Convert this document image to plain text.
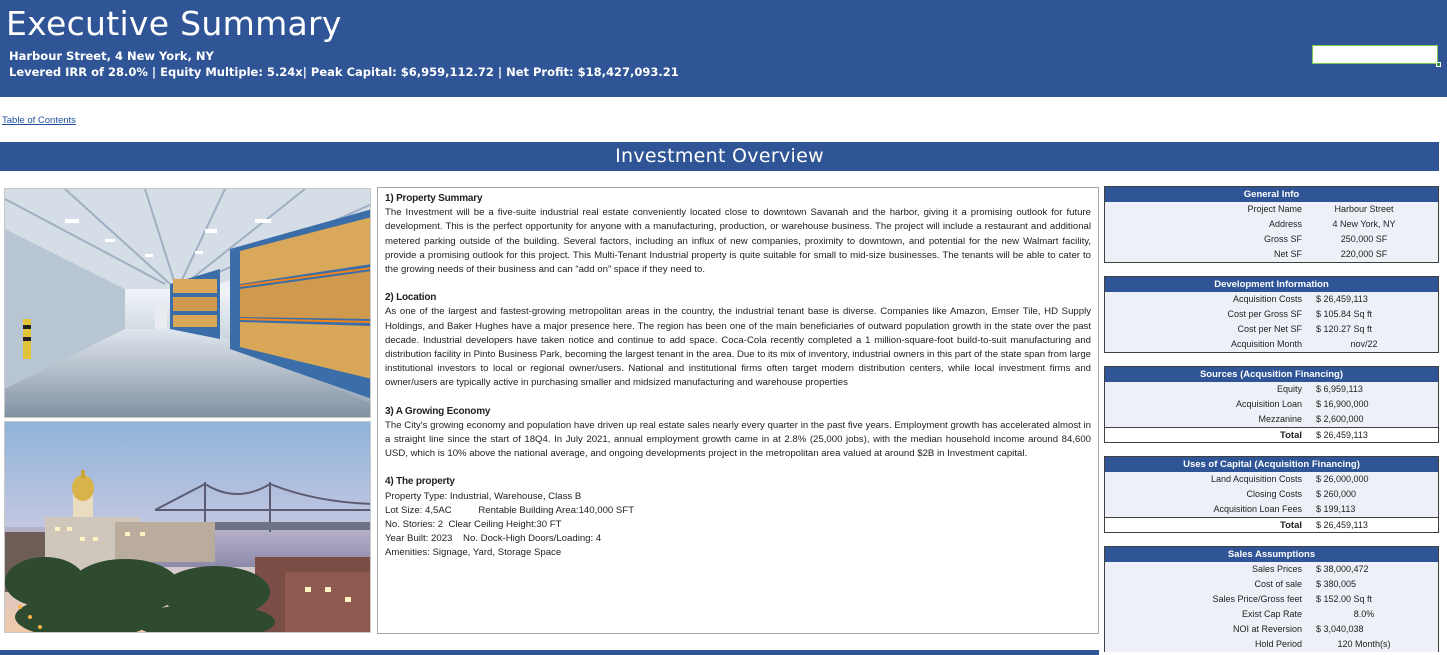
Executive Summary
Harbour Street, 4 New York, NY
Levered IRR of 28.0% | Equity Multiple: 5.24x| Peak Capital: $6,959,112.72 | Net Profit: $18,427,093.21
Table of Contents
Investment Overview
1) Property Summary

The Investment will be a five-suite industrial real estate conveniently located close to downtown Savanah and the harbor, giving it a promising outlook for future development. This is the perfect opportunity for anyone with a manufacturing, production, or warehouse business. The project will include a restaurant and additional metered parking outside of the building. Several factors, including an influx of new companies, proximity to downtown, and potential for the new Walmart facility, provide a promising outlook for this project. This Multi-Tenant Industrial property is quite suitable for small to mid-size businesses. The tenants will be able to cater to the growing needs of their business and can “add on” space if they need to.

2) Location

As one of the largest and fastest-growing metropolitan areas in the country, the industrial tenant base is diverse. Companies like Amazon, Emser Tile, HD Supply Holdings, and Baker Hughes have a major presence here. The region has been one of the main beneficiaries of outward population growth in the state over the past decade. Industrial developers have taken notice and continue to add space. Coca-Cola recently completed a 1 million-square-foot build-to-suit manufacturing and distribution facility in Pinto Business Park, becoming the largest tenant in the area. Due to its mix of inventory, industrial owners in this part of the state span from large institutional investors to local or regional owner/users. National and institutional firms often target modern distribution centers, while local investment firms and owner/users are typically active in purchasing smaller and midsized manufacturing and warehouse properties

3) A Growing Economy

The City's growing economy and population have driven up real estate sales nearly every quarter in the past five years. Employment growth has accelerated almost in a straight line since the start of 18Q4. In July 2021, annual employment growth came in at 2.8% (25,000 jobs), with the median household income around 84,600 USD, which is 10% above the national average, and ongoing developments project in the metropolitan area valued at around $2B in Investment capital.

4) The property
Property Type: Industrial, Warehouse, Class B
Lot Size: 4,5AC          Rentable Building Area:140,000 SFT
No. Stories: 2  Clear Ceiling Height:30 FT
Year Built: 2023    No. Dock-High Doors/Loading: 4
Amenities: Signage, Yard, Storage Space
General Info
Project Name	Harbour Street
Address	4 New York, NY
Gross SF	250,000 SF
Net SF	220,000 SF
Development Information
Acquisition Costs	$ 26,459,113
Cost per Gross SF	$ 105.84 Sq ft
Cost per Net SF	$ 120.27 Sq ft
Acquisition Month	nov/22
Sources (Acqusition Financing)
Equity	$ 6,959,113
Acquisition Loan	$ 16,900,000
Mezzanine	$ 2,600,000
Total	$ 26,459,113
Uses of Capital (Acquisition Financing)
Land Acquisition Costs	$ 26,000,000
Closing Costs	$ 260,000
Acquisition Loan Fees	$ 199,113
Total	$ 26,459,113
Sales Assumptions
Sales Prices	$ 38,000,472
Cost of sale	$ 380,005
Sales Price/Gross feet	$ 152.00 Sq ft
Exist Cap Rate	8.0%
NOI at Reversion	$ 3,040,038
Hold Period	120 Month(s)
